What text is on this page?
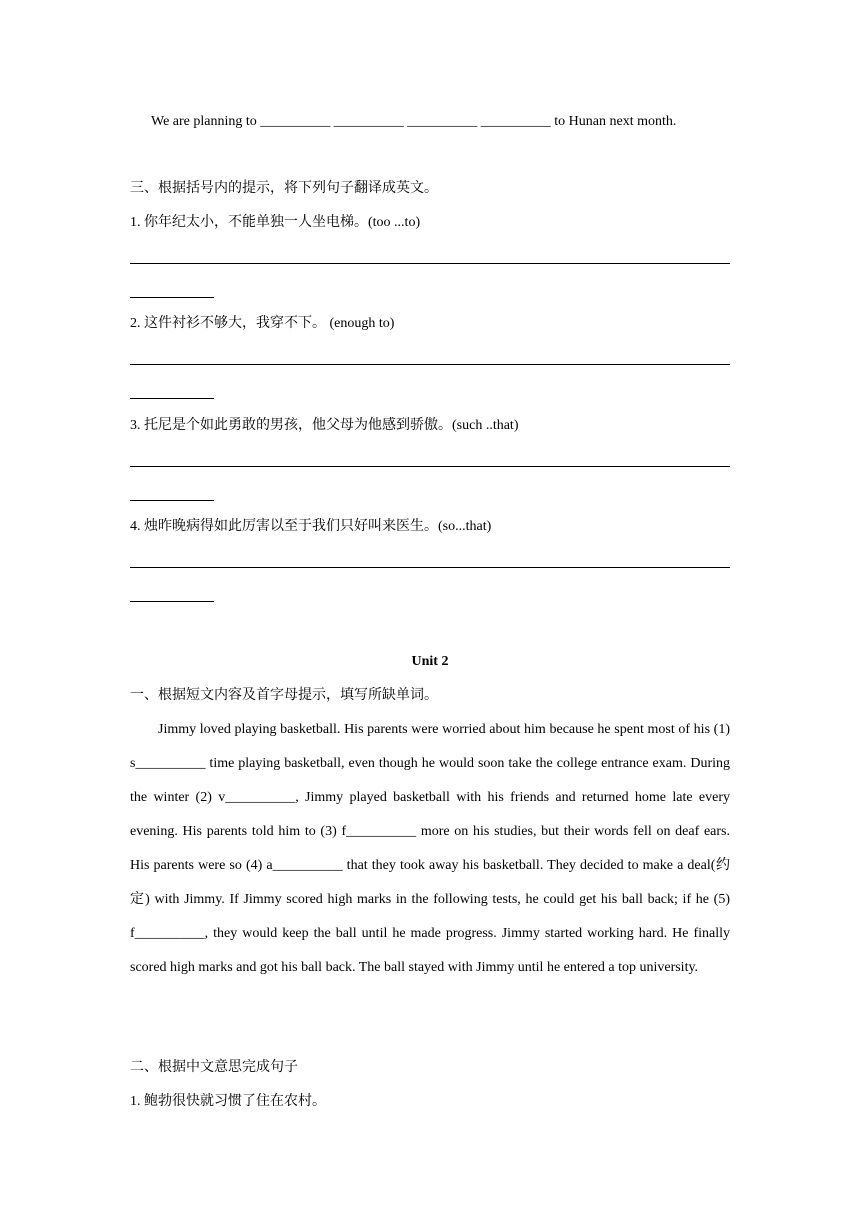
We are planning to __________ __________ __________ __________ to Hunan next month.
三、根据括号内的提示，将下列句子翻译成英文。
1. 你年纪太小，不能单独一人坐电梯。(too ...to)
2. 这件衬衫不够大，我穿不下。 (enough to)
3. 托尼是个如此勇敢的男孩，他父母为他感到骄傲。(such ..that)
4. 烛昨晚病得如此厉害以至于我们只好叫来医生。(so...that)
Unit 2
一、根据短文内容及首字母提示，填写所缺单词。
Jimmy loved playing basketball. His parents were worried about him because he spent most of his (1) s__________ time playing basketball, even though he would soon take the college entrance exam. During the winter (2) v__________, Jimmy played basketball with his friends and returned home late every evening. His parents told him to (3) f__________ more on his studies, but their words fell on deaf ears. His parents were so (4) a__________ that they took away his basketball. They decided to make a deal(约定) with Jimmy. If Jimmy scored high marks in the following tests, he could get his ball back; if he (5) f__________, they would keep the ball until he made progress. Jimmy started working hard. He finally scored high marks and got his ball back. The ball stayed with Jimmy until he entered a top university.
二、根据中文意思完成句子
1. 鲍勃很快就习惯了住在农村。
